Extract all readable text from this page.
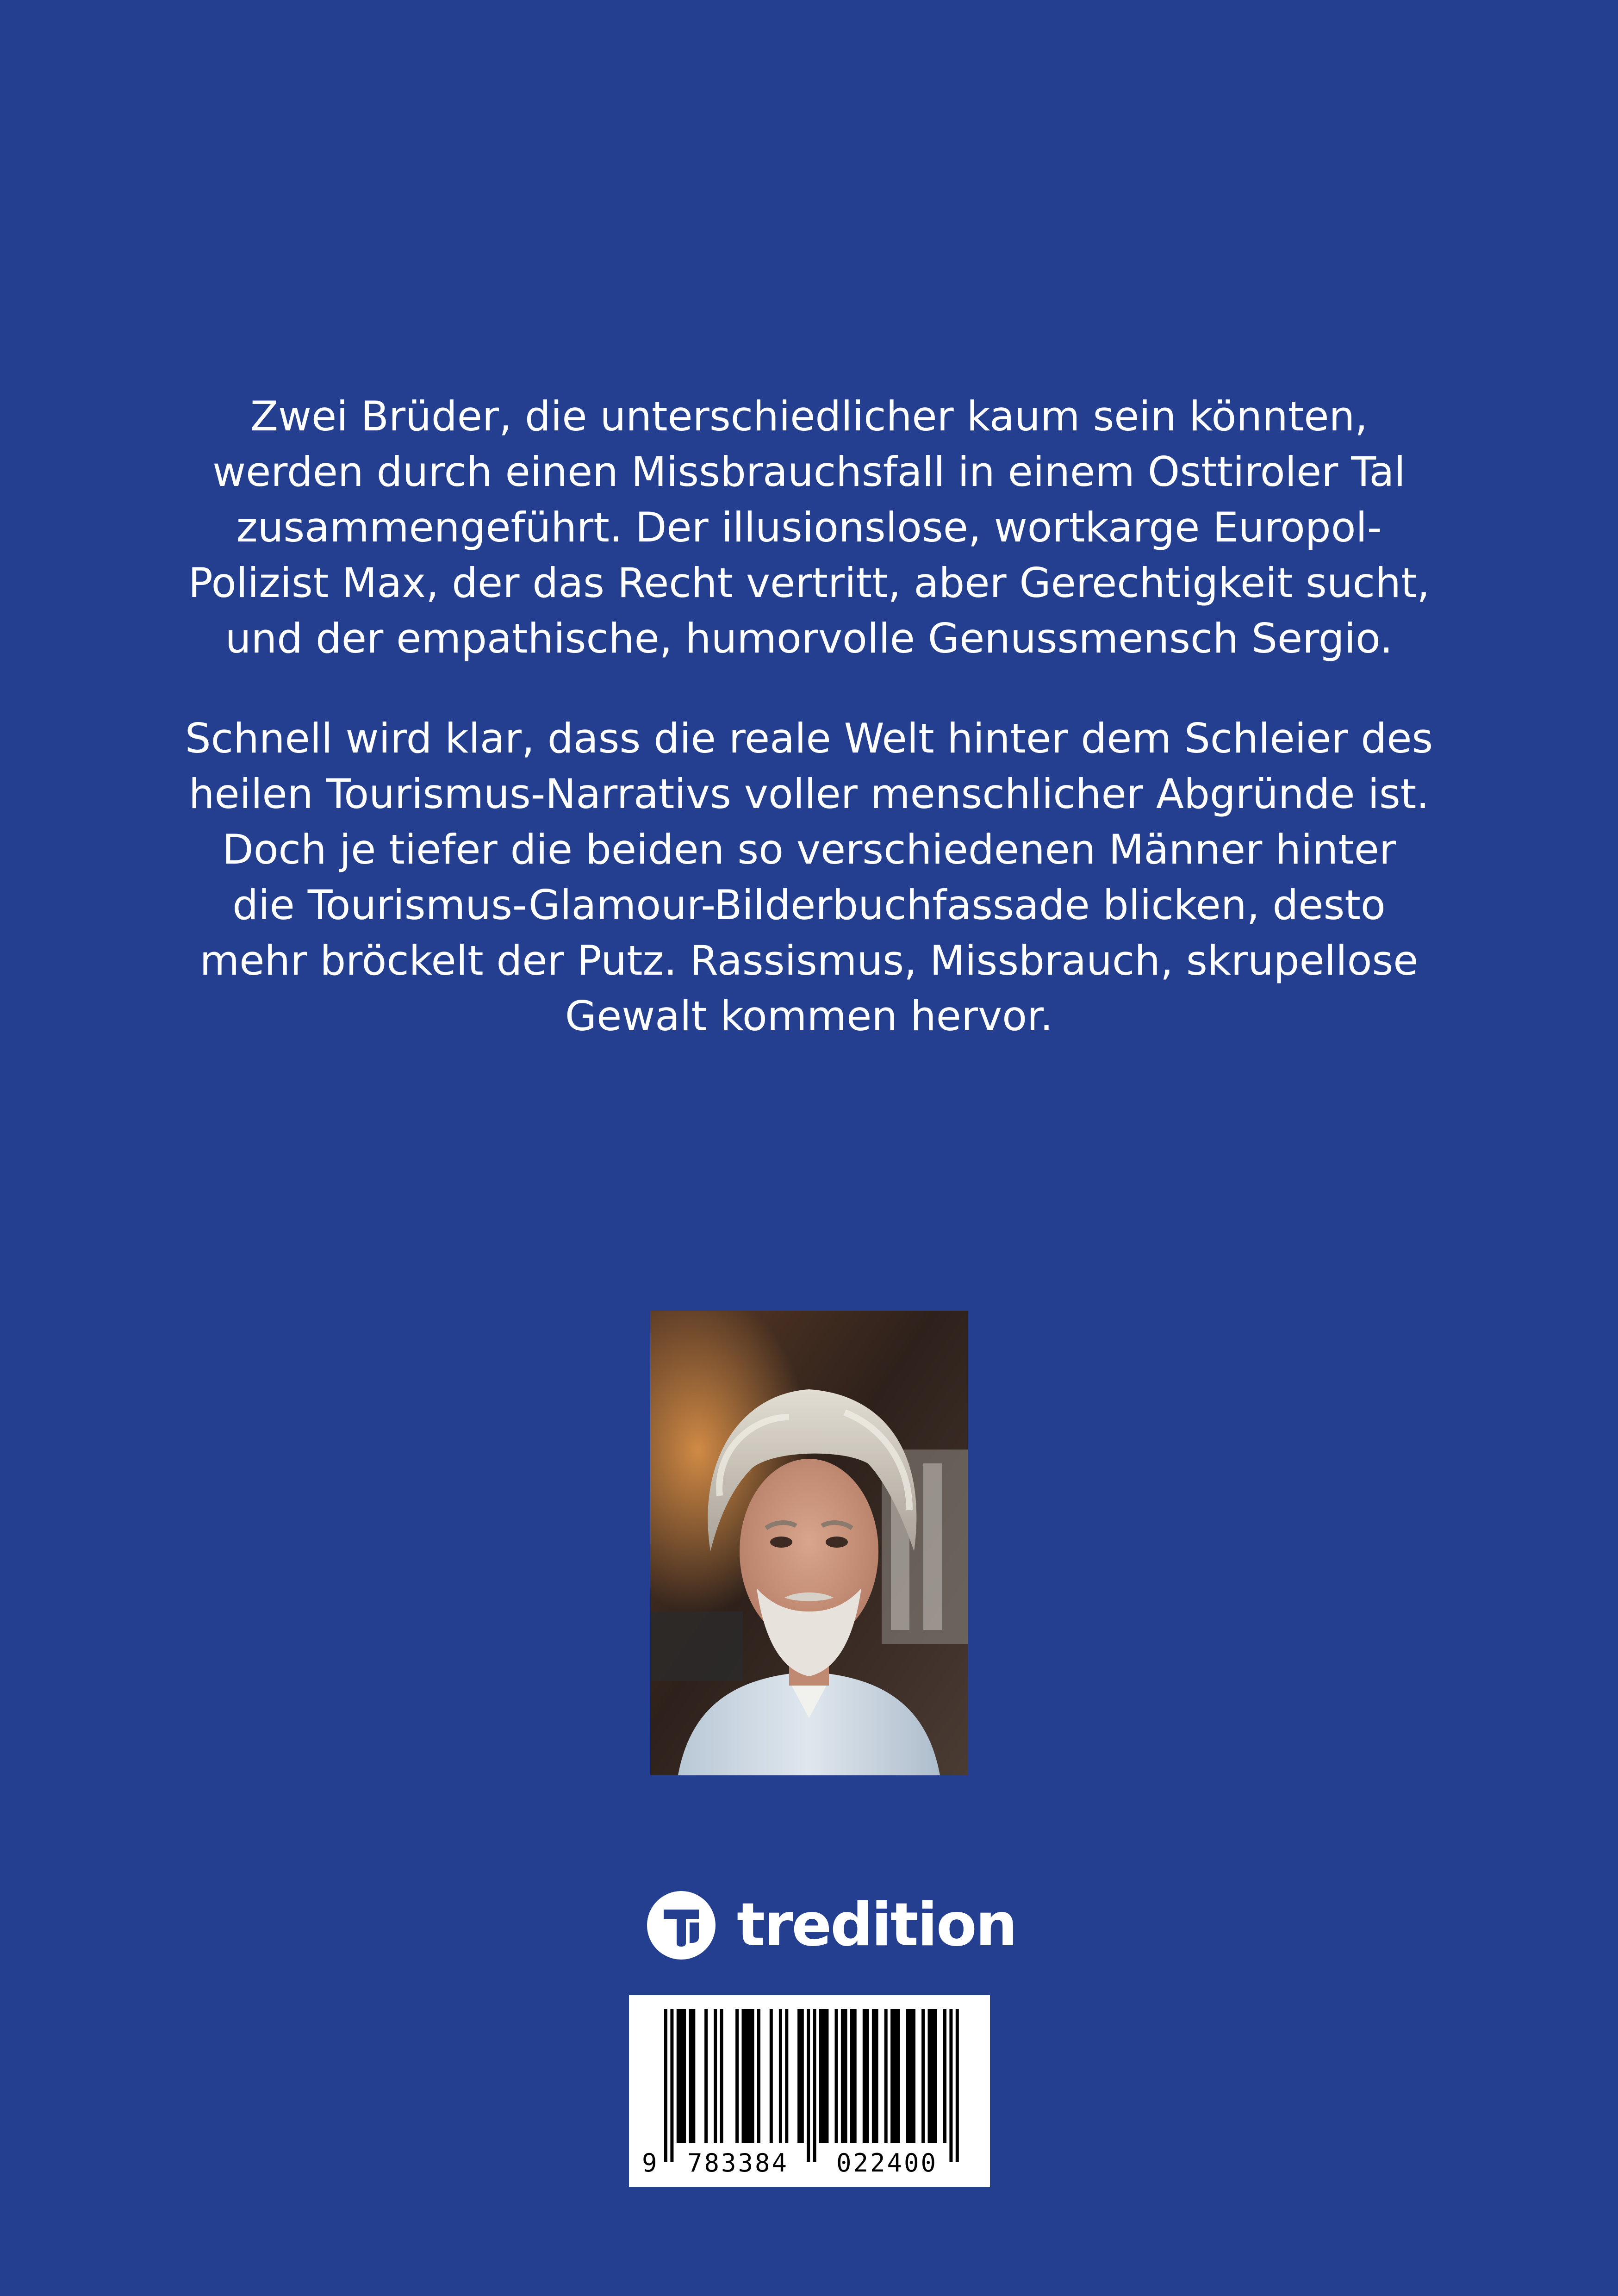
Zwei Brüder, die unterschiedlicher kaum sein könnten,
werden durch einen Missbrauchsfall in einem Osttiroler Tal
zusammengeführt. Der illusionslose, wortkarge Europol-
Polizist Max, der das Recht vertritt, aber Gerechtigkeit sucht,
und der empathische, humorvolle Genussmensch Sergio.

Schnell wird klar, dass die reale Welt hinter dem Schleier des
heilen Tourismus-Narrativs voller menschlicher Abgründe ist.
Doch je tiefer die beiden so verschiedenen Männer hinter
die Tourismus-Glamour-Bilderbuchfassade blicken, desto
mehr bröckelt der Putz. Rassismus, Missbrauch, skrupellose
Gewalt kommen hervor.

tredition
9 783384 022400
